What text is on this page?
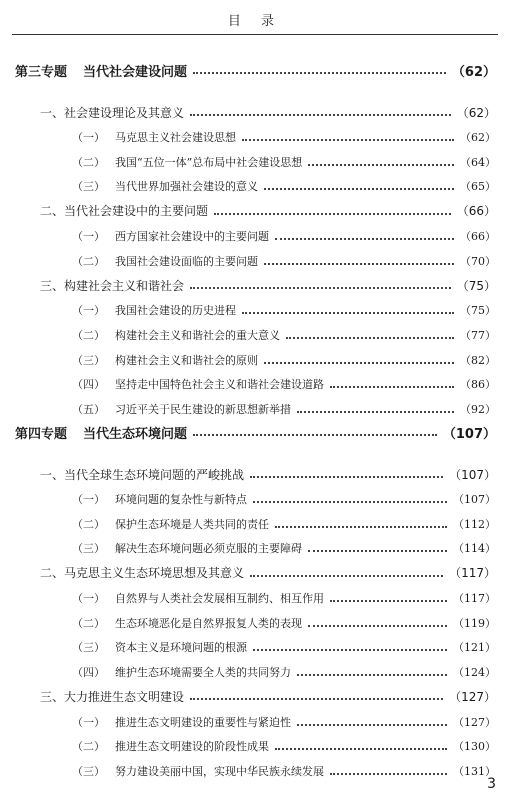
目 录
第三专题 当代社会建设问题	（62）
一、社会建设理论及其意义	（62）
（一） 马克思主义社会建设思想	（62）
（二） 我国“五位一体”总布局中社会建设思想	（64）
（三） 当代世界加强社会建设的意义	（65）
二、当代社会建设中的主要问题	（66）
（一） 西方国家社会建设中的主要问题	（66）
（二） 我国社会建设面临的主要问题	（70）
三、构建社会主义和谐社会	（75）
（一） 我国社会建设的历史进程	（75）
（二） 构建社会主义和谐社会的重大意义	（77）
（三） 构建社会主义和谐社会的原则	（82）
（四） 坚持走中国特色社会主义和谐社会建设道路	（86）
（五） 习近平关于民生建设的新思想新举措	（92）
第四专题 当代生态环境问题	（107）
一、当代全球生态环境问题的严峻挑战	（107）
（一） 环境问题的复杂性与新特点	（107）
（二） 保护生态环境是人类共同的责任	（112）
（三） 解决生态环境问题必须克服的主要障碍	（114）
二、马克思主义生态环境思想及其意义	（117）
（一） 自然界与人类社会发展相互制约、相互作用	（117）
（二） 生态环境恶化是自然界报复人类的表现	（119）
（三） 资本主义是环境问题的根源	（121）
（四） 维护生态环境需要全人类的共同努力	（124）
三、大力推进生态文明建设	（127）
（一） 推进生态文明建设的重要性与紧迫性	（127）
（二） 推进生态文明建设的阶段性成果	（130）
（三） 努力建设美丽中国，实现中华民族永续发展	（131）
3
